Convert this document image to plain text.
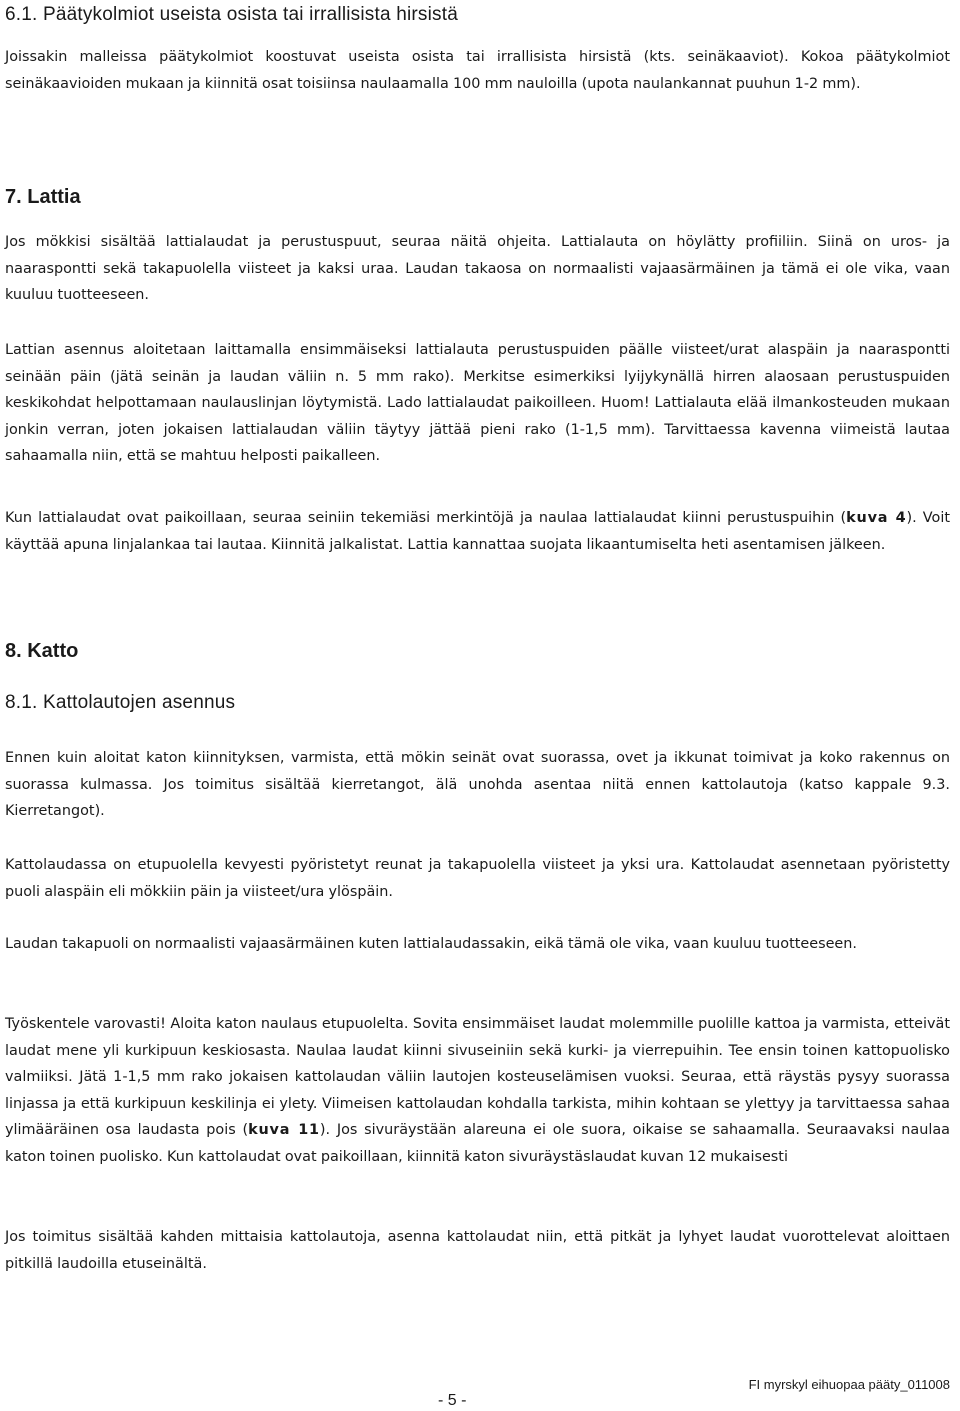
6.1. Päätykolmiot useista osista tai irrallisista hirsistä

Joissakin malleissa päätykolmiot koostuvat useista osista tai irrallisista hirsistä (kts. seinäkaaviot). Kokoa päätykolmiot seinäkaavioiden mukaan ja kiinnitä osat toisiinsa naulaamalla 100 mm nauloilla (upota naulankannat puuhun 1-2 mm).

7. Lattia

Jos mökkisi sisältää lattialaudat ja perustuspuut, seuraa näitä ohjeita. Lattialauta on höylätty profiiliin. Siinä on uros- ja naaraspontti sekä takapuolella viisteet ja kaksi uraa. Laudan takaosa on normaalisti vajaasärmäinen ja tämä ei ole vika, vaan kuuluu tuotteeseen.

Lattian asennus aloitetaan laittamalla ensimmäiseksi lattialauta perustuspuiden päälle viisteet/urat alaspäin ja naaraspontti seinään päin (jätä seinän ja laudan väliin n. 5 mm rako). Merkitse esimerkiksi lyijykynällä hirren alaosaan perustuspuiden keskikohdat helpottamaan naulauslinjan löytymistä. Lado lattialaudat paikoilleen. Huom! Lattialauta elää ilmankosteuden mukaan jonkin verran, joten jokaisen lattialaudan väliin täytyy jättää pieni rako (1-1,5 mm). Tarvittaessa kavenna viimeistä lautaa sahaamalla niin, että se mahtuu helposti paikalleen.

Kun lattialaudat ovat paikoillaan, seuraa seiniin tekemiäsi merkintöjä ja naulaa lattialaudat kiinni perustuspuihin (kuva 4). Voit käyttää apuna linjalankaa tai lautaa. Kiinnitä jalkalistat. Lattia kannattaa suojata likaantumiselta heti asentamisen jälkeen.

8. Katto
8.1. Kattolautojen asennus

Ennen kuin aloitat katon kiinnityksen, varmista, että mökin seinät ovat suorassa, ovet ja ikkunat toimivat ja koko rakennus on suorassa kulmassa. Jos toimitus sisältää kierretangot, älä unohda asentaa niitä ennen kattolautoja (katso kappale 9.3. Kierretangot).

Kattolaudassa on etupuolella kevyesti pyöristetyt reunat ja takapuolella viisteet ja yksi ura. Kattolaudat asennetaan pyöristetty puoli alaspäin eli mökkiin päin ja viisteet/ura ylöspäin.

Laudan takapuoli on normaalisti vajaasärmäinen kuten lattialaudassakin, eikä tämä ole vika, vaan kuuluu tuotteeseen.

Työskentele varovasti! Aloita katon naulaus etupuolelta. Sovita ensimmäiset laudat molemmille puolille kattoa ja varmista, etteivät laudat mene yli kurkipuun keskiosasta. Naulaa laudat kiinni sivuseiniin sekä kurki- ja vierrepuihin. Tee ensin toinen kattopuolisko valmiiksi. Jätä 1-1,5 mm rako jokaisen kattolaudan väliin lautojen kosteuselämisen vuoksi. Seuraa, että räystäs pysyy suorassa linjassa ja että kurkipuun keskilinja ei ylety. Viimeisen kattolaudan kohdalla tarkista, mihin kohtaan se ylettyy ja tarvittaessa sahaa ylimääräinen osa laudasta pois (kuva 11). Jos sivuräystään alareuna ei ole suora, oikaise se sahaamalla. Seuraavaksi naulaa katon toinen puolisko. Kun kattolaudat ovat paikoillaan, kiinnitä katon sivuräystäslaudat kuvan 12 mukaisesti

Jos toimitus sisältää kahden mittaisia kattolautoja, asenna kattolaudat niin, että pitkät ja lyhyet laudat vuorottelevat aloittaen pitkillä laudoilla etuseinältä.

- 5 -
FI myrskyl eihuopaa pääty_011008
